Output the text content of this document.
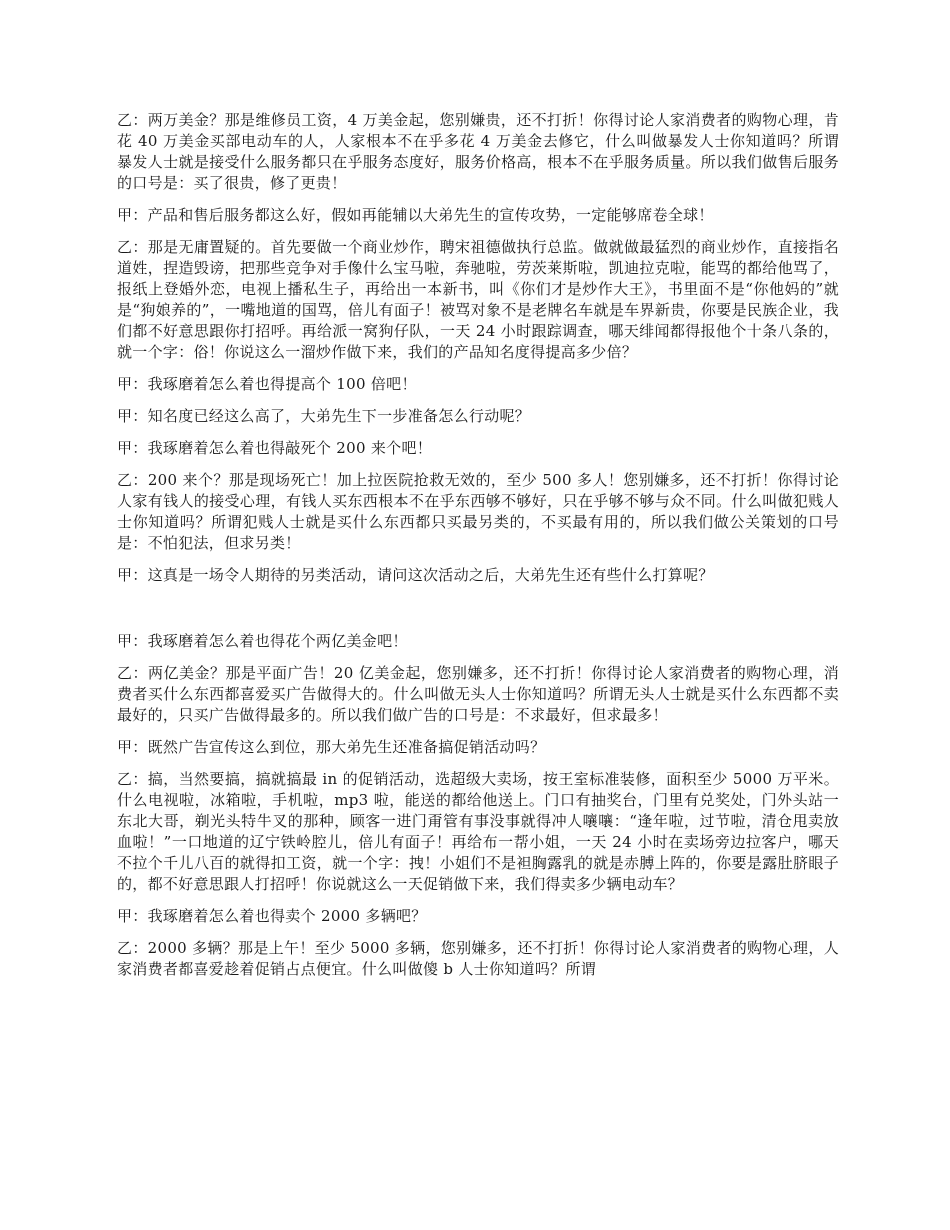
乙：两万美金？那是维修员工资，4 万美金起，您别嫌贵，还不打折！你得讨论人家消费者的购物心理，肯花 40 万美金买部电动车的人，人家根本不在乎多花 4 万美金去修它，什么叫做暴发人士你知道吗？所谓暴发人士就是接受什么服务都只在乎服务态度好，服务价格高，根本不在乎服务质量。所以我们做售后服务的口号是：买了很贵，修了更贵！

甲：产品和售后服务都这么好，假如再能辅以大弟先生的宣传攻势，一定能够席卷全球！

乙：那是无庸置疑的。首先要做一个商业炒作，聘宋祖德做执行总监。做就做最猛烈的商业炒作，直接指名道姓，捏造毁谤，把那些竞争对手像什么宝马啦，奔驰啦，劳茨莱斯啦，凯迪拉克啦，能骂的都给他骂了，报纸上登婚外恋，电视上播私生子，再给出一本新书，叫《你们才是炒作大王》，书里面不是“你他妈的”就是“狗娘养的”，一嘴地道的国骂，倍儿有面子！被骂对象不是老牌名车就是车界新贵，你要是民族企业，我们都不好意思跟你打招呼。再给派一窝狗仔队，一天 24 小时跟踪调查，哪天绯闻都得报他个十条八条的，就一个字：俗！你说这么一溜炒作做下来，我们的产品知名度得提高多少倍？

甲：我琢磨着怎么着也得提高个 100 倍吧！

甲：知名度已经这么高了，大弟先生下一步准备怎么行动呢？

甲：我琢磨着怎么着也得敲死个 200 来个吧！

乙：200 来个？那是现场死亡！加上拉医院抢救无效的，至少 500 多人！您别嫌多，还不打折！你得讨论人家有钱人的接受心理，有钱人买东西根本不在乎东西够不够好，只在乎够不够与众不同。什么叫做犯贱人士你知道吗？所谓犯贱人士就是买什么东西都只买最另类的，不买最有用的，所以我们做公关策划的口号是：不怕犯法，但求另类！

甲：这真是一场令人期待的另类活动，请问这次活动之后，大弟先生还有些什么打算呢？

甲：我琢磨着怎么着也得花个两亿美金吧！

乙：两亿美金？那是平面广告！20 亿美金起，您别嫌多，还不打折！你得讨论人家消费者的购物心理，消费者买什么东西都喜爱买广告做得大的。什么叫做无头人士你知道吗？所谓无头人士就是买什么东西都不卖最好的，只买广告做得最多的。所以我们做广告的口号是：不求最好，但求最多！

甲：既然广告宣传这么到位，那大弟先生还准备搞促销活动吗？

乙：搞，当然要搞，搞就搞最 in 的促销活动，选超级大卖场，按王室标准装修，面积至少 5000 万平米。什么电视啦，冰箱啦，手机啦，mp3 啦，能送的都给他送上。门口有抽奖台，门里有兑奖处，门外头站一东北大哥，剃光头特牛叉的那种，顾客一进门甭管有事没事就得冲人嚷嚷：“逢年啦，过节啦，清仓甩卖放血啦！”一口地道的辽宁铁岭腔儿，倍儿有面子！再给布一帮小姐，一天 24 小时在卖场旁边拉客户，哪天不拉个千儿八百的就得扣工资，就一个字：拽！小姐们不是袒胸露乳的就是赤膊上阵的，你要是露肚脐眼子的，都不好意思跟人打招呼！你说就这么一天促销做下来，我们得卖多少辆电动车？

甲：我琢磨着怎么着也得卖个 2000 多辆吧？

乙：2000 多辆？那是上午！至少 5000 多辆，您别嫌多，还不打折！你得讨论人家消费者的购物心理，人家消费者都喜爱趁着促销占点便宜。什么叫做傻 b 人士你知道吗？所谓
